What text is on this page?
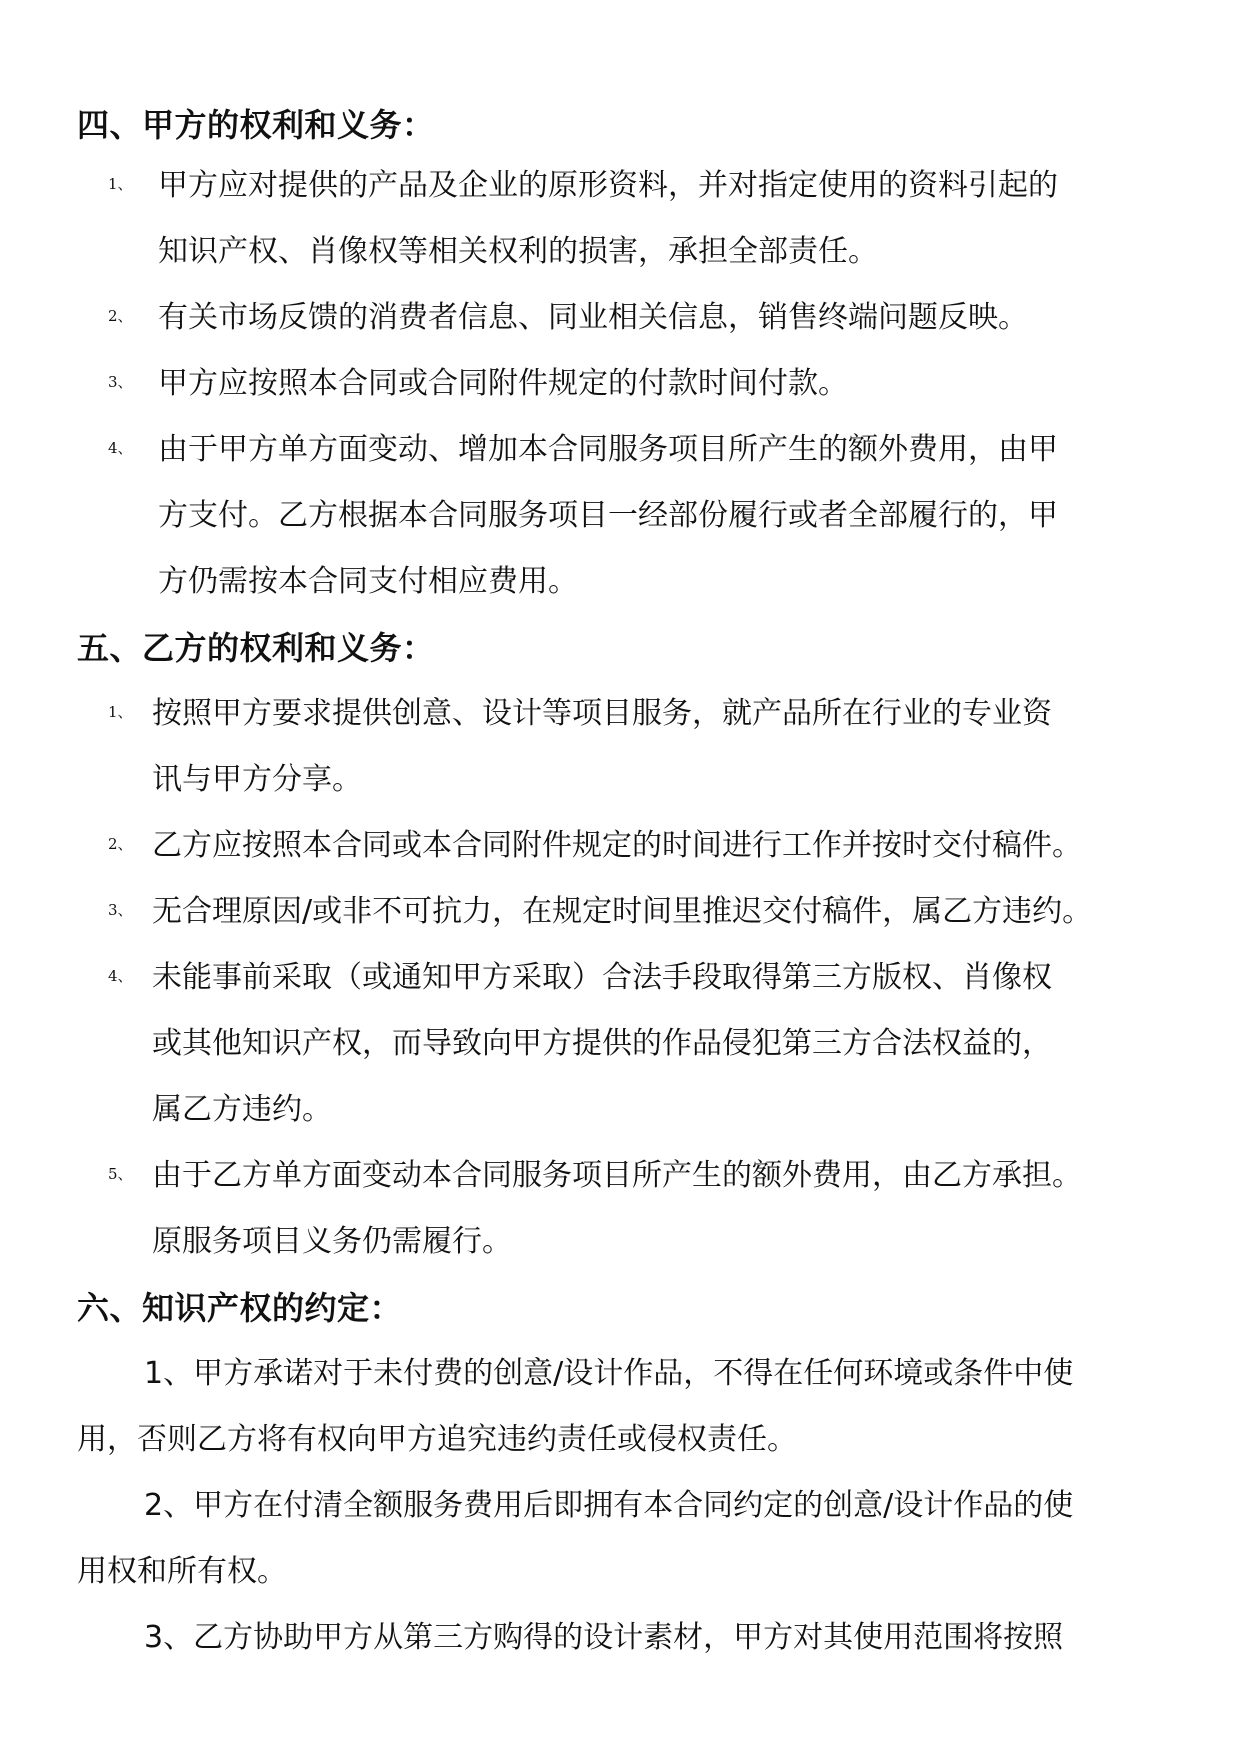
四、甲方的权利和义务：
1、 甲方应对提供的产品及企业的原形资料，并对指定使用的资料引起的
知识产权、肖像权等相关权利的损害，承担全部责任。
2、 有关市场反馈的消费者信息、同业相关信息，销售终端问题反映。
3、 甲方应按照本合同或合同附件规定的付款时间付款。
4、 由于甲方单方面变动、增加本合同服务项目所产生的额外费用，由甲
方支付。乙方根据本合同服务项目一经部份履行或者全部履行的，甲
方仍需按本合同支付相应费用。
五、乙方的权利和义务：
1、 按照甲方要求提供创意、设计等项目服务，就产品所在行业的专业资
讯与甲方分享。
2、 乙方应按照本合同或本合同附件规定的时间进行工作并按时交付稿件。
3、 无合理原因/或非不可抗力，在规定时间里推迟交付稿件，属乙方违约。
4、 未能事前采取（或通知甲方采取）合法手段取得第三方版权、肖像权
或其他知识产权，而导致向甲方提供的作品侵犯第三方合法权益的，
属乙方违约。
5、 由于乙方单方面变动本合同服务项目所产生的额外费用，由乙方承担。
原服务项目义务仍需履行。
六、知识产权的约定：
1、甲方承诺对于未付费的创意/设计作品，不得在任何环境或条件中使
用，否则乙方将有权向甲方追究违约责任或侵权责任。
2、甲方在付清全额服务费用后即拥有本合同约定的创意/设计作品的使
用权和所有权。
3、乙方协助甲方从第三方购得的设计素材，甲方对其使用范围将按照
